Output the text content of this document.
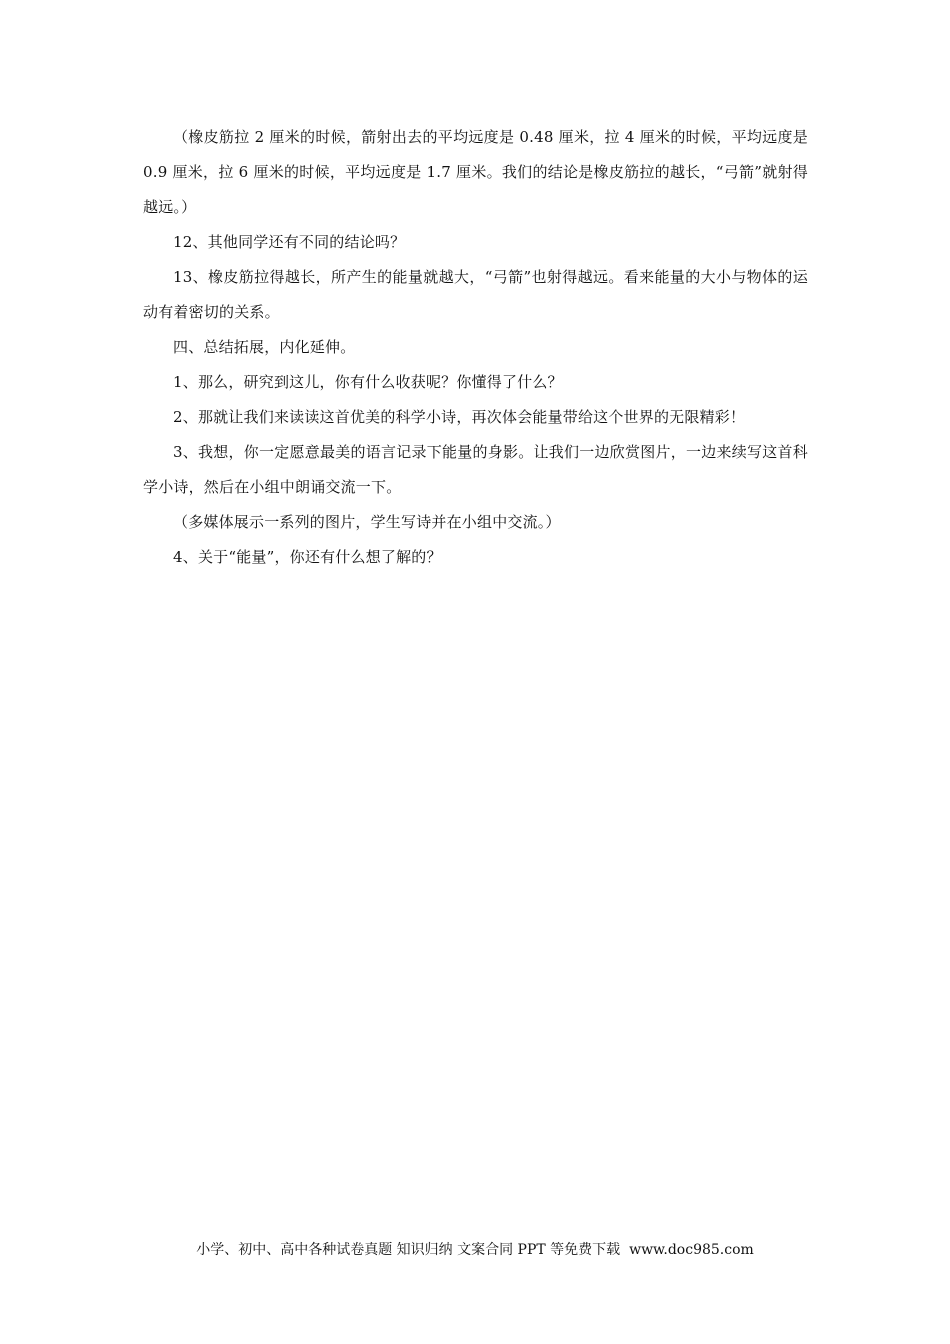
（橡皮筋拉 2 厘米的时候，箭射出去的平均远度是 0.48 厘米，拉 4 厘米的时候，平均远度是 0.9 厘米，拉 6 厘米的时候，平均远度是 1.7 厘米。我们的结论是橡皮筋拉的越长，“弓箭”就射得越远。）

12、其他同学还有不同的结论吗？

13、橡皮筋拉得越长，所产生的能量就越大，“弓箭”也射得越远。看来能量的大小与物体的运动有着密切的关系。

四、总结拓展，内化延伸。

1、那么，研究到这儿，你有什么收获呢？你懂得了什么？

2、那就让我们来读读这首优美的科学小诗，再次体会能量带给这个世界的无限精彩！

3、我想，你一定愿意最美的语言记录下能量的身影。让我们一边欣赏图片，一边来续写这首科学小诗，然后在小组中朗诵交流一下。

（多媒体展示一系列的图片，学生写诗并在小组中交流。）

4、关于“能量”，你还有什么想了解的？

小学、初中、高中各种试卷真题 知识归纳 文案合同 PPT 等免费下载 www.doc985.com
